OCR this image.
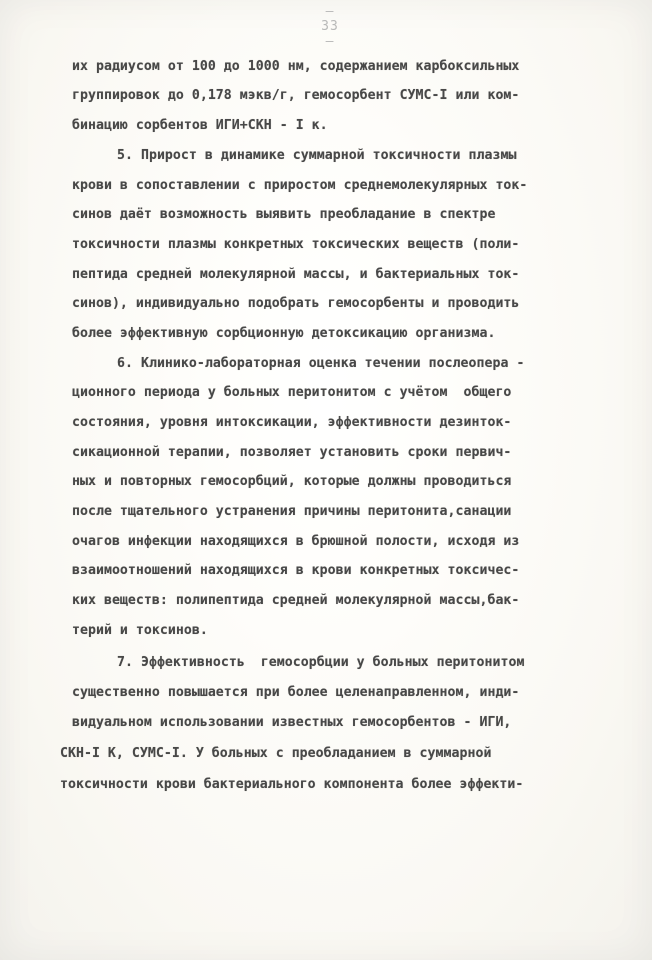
— 33 —
их радиусом от 100 до 1000 нм, содержанием карбоксильных
группировок до 0,178 мэкв/г, гемосорбент СУМС-I или ком-
бинацию сорбентов ИГИ+СКН - I к.
5. Прирост в динамике суммарной токсичности плазмы
крови в сопоставлении с приростом среднемолекулярных ток-
синов даёт возможность выявить преобладание в спектре
токсичности плазмы конкретных токсических веществ (поли-
пептида средней молекулярной массы, и бактериальных ток-
синов), индивидуально подобрать гемосорбенты и проводить
более эффективную сорбционную детоксикацию организма.
6. Клинико-лабораторная оценка течении послеопера -
ционного периода у больных перитонитом с учётом  общего
состояния, уровня интоксикации, эффективности дезинток-
сикационной терапии, позволяет установить сроки первич-
ных и повторных гемосорбций, которые должны проводиться
после тщательного устранения причины перитонита,санации
очагов инфекции находящихся в брюшной полости, исходя из
взаимоотношений находящихся в крови конкретных токсичес-
ких веществ: полипептида средней молекулярной массы,бак-
терий и токсинов.
7. Эффективность  гемосорбции у больных перитонитом
существенно повышается при более целенаправленном, инди-
видуальном использовании известных гемосорбентов - ИГИ,
СКН-I К, СУМС-I. У больных с преобладанием в суммарной
токсичности крови бактериального компонента более эффекти-
